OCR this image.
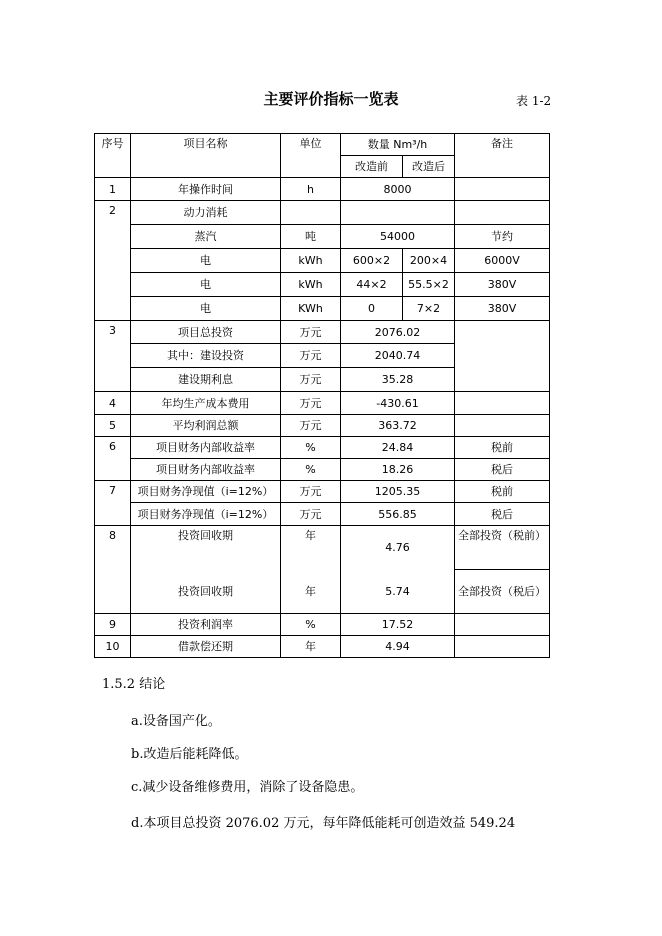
主要评价指标一览表	表 1-2
序号	项目名称	单位	数量 Nm³/h		备注
			改造前	改造后	
1	年操作时间	h	8000		
2	动力消耗				
	蒸汽	吨	54000		节约
	电	kWh	600×2	200×4	6000V
	电	kWh	44×2	55.5×2	380V
	电	KWh	0	7×2	380V
3	项目总投资	万元	2076.02		
	其中：建设投资	万元	2040.74		
	建设期利息	万元	35.28		
4	年均生产成本费用	万元	-430.61		
5	平均利润总额	万元	363.72		
6	项目财务内部收益率	%	24.84		税前
	项目财务内部收益率	%	18.26		税后
7	项目财务净现值（i=12%）	万元	1205.35		税前
	项目财务净现值（i=12%）	万元	556.85		税后
8	投资回收期	年	4.76		全部投资（税前）
	投资回收期	年	5.74		全部投资（税后）
9	投资利润率	%	17.52		
10	借款偿还期	年	4.94		
1.5.2 结论
a.设备国产化。
b.改造后能耗降低。
c.减少设备维修费用，消除了设备隐患。
d.本项目总投资 2076.02 万元，每年降低能耗可创造效益 549.24
